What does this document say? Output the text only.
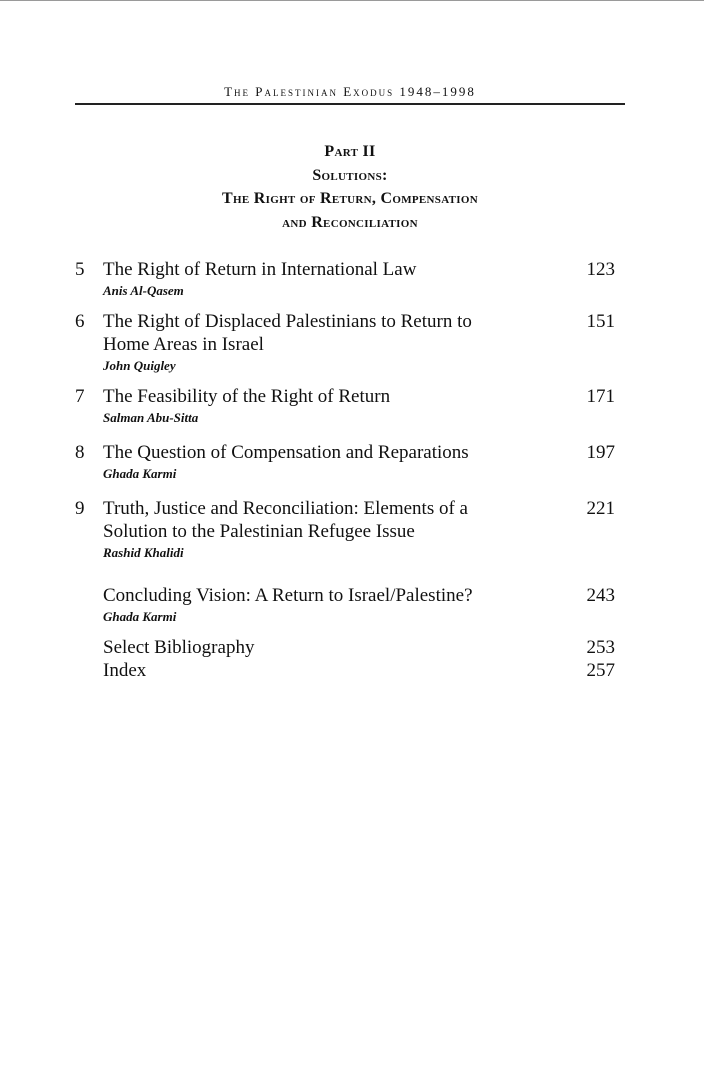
The Palestinian Exodus 1948–1998
Part II
Solutions:
The Right of Return, Compensation
and Reconciliation
5 The Right of Return in International Law
Anis Al-Qasem
123
6 The Right of Displaced Palestinians to Return to
Home Areas in Israel
John Quigley
151
7 The Feasibility of the Right of Return
Salman Abu-Sitta
171
8 The Question of Compensation and Reparations
Ghada Karmi
197
9 Truth, Justice and Reconciliation: Elements of a
Solution to the Palestinian Refugee Issue
Rashid Khalidi
221
Concluding Vision: A Return to Israel/Palestine?
Ghada Karmi
243
Select Bibliography	253
Index	257
